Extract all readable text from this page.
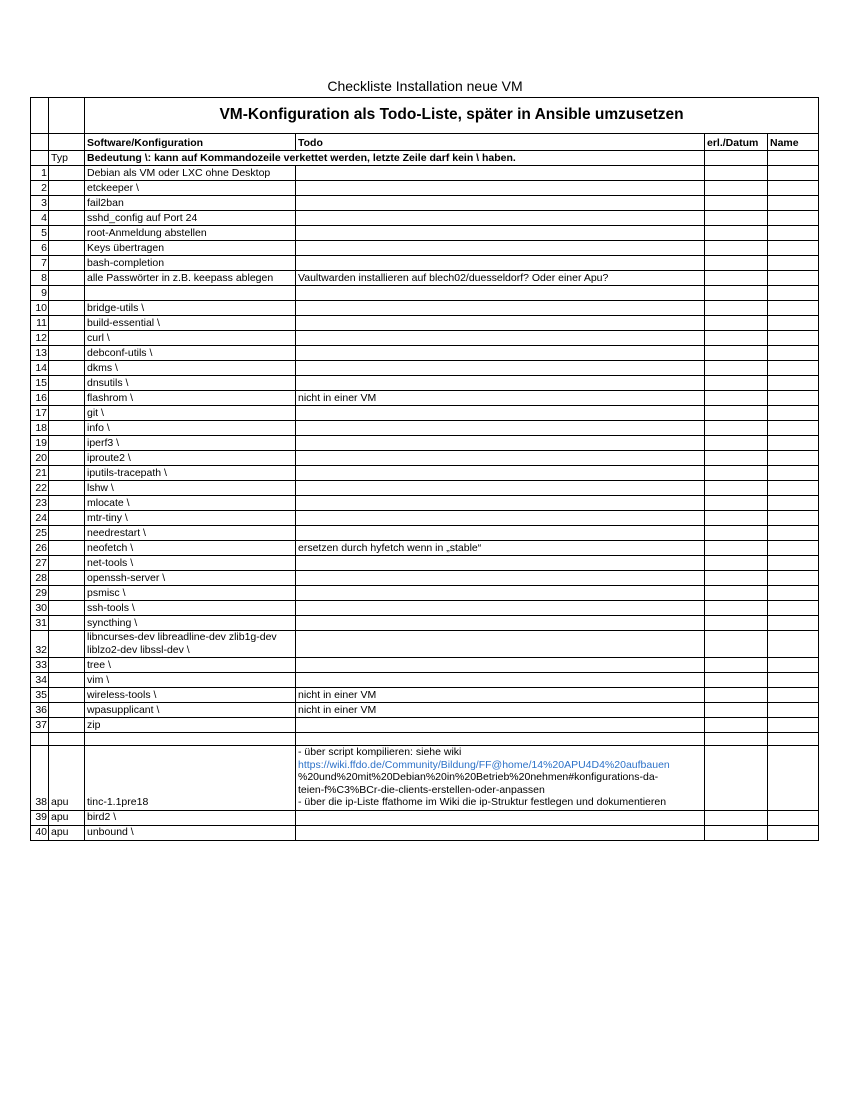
Checkliste Installation neue VM
		VM-Konfiguration als Todo-Liste, später in Ansible umzusetzen			
		Software/Konfiguration	Todo	erl./Datum	Name
	Typ	Bedeutung \: kann auf Kommandozeile verkettet werden, letzte Zeile darf kein \ haben.			
1		Debian als VM oder LXC ohne Desktop			
2		etckeeper \			
3		fail2ban			
4		sshd_config auf Port 24			
5		root-Anmeldung abstellen			
6		Keys übertragen			
7		bash-completion			
8		alle Passwörter in z.B. keepass ablegen	Vaultwarden installieren auf blech02/duesseldorf? Oder einer Apu?		
9					
10		bridge-utils \			
11		build-essential \			
12		curl \			
13		debconf-utils \			
14		dkms \			
15		dnsutils \			
16		flashrom \	nicht in einer VM		
17		git \			
18		info \			
19		iperf3 \			
20		iproute2 \			
21		iputils-tracepath \			
22		lshw \			
23		mlocate \			
24		mtr-tiny \			
25		needrestart \			
26		neofetch \	ersetzen durch hyfetch wenn in „stable“		
27		net-tools \			
28		openssh-server \			
29		psmisc \			
30		ssh-tools \			
31		syncthing \			
32		libncurses-dev libreadline-dev zlib1g-dev liblzo2-dev libssl-dev \			
33		tree \			
34		vim \			
35		wireless-tools \	nicht in einer VM		
36		wpasupplicant \	nicht in einer VM		
37		zip			

38	apu	tinc-1.1pre18	- über script kompilieren: siehe wiki
https://wiki.ffdo.de/Community/Bildung/FF@home/14%20APU4D4%20aufbauen
%20und%20mit%20Debian%20in%20Betrieb%20nehmen#konfigurations-da-
teien-f%C3%BCr-die-clients-erstellen-oder-anpassen
- über die ip-Liste ffathome im Wiki die ip-Struktur festlegen und dokumentieren		

39	apu	bird2 \			
40	apu	unbound \			
